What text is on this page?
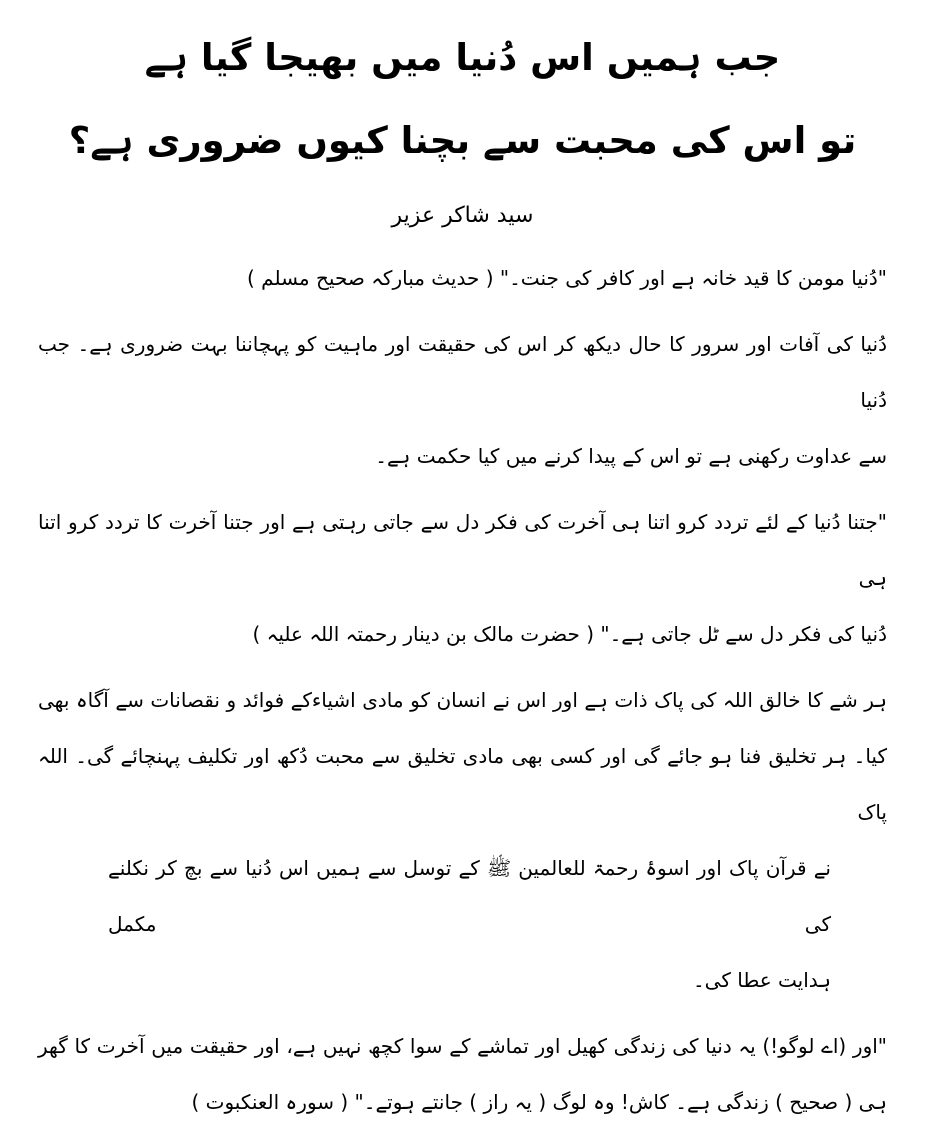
جب ہمیں اس دُنیا میں بھیجا گیا ہے
تو اس کی محبت سے بچنا کیوں ضروری ہے؟
سید شاکر عزیر
"دُنیا مومن کا قید خانہ ہے اور کافر کی جنت۔" ( حدیث مبارکہ صحیح مسلم )
دُنیا کی آفات اور سرور کا حال دیکھ کر اس کی حقیقت اور ماہیت کو پہچاننا بہت ضروری ہے۔ جب دُنیا
سے عداوت رکھنی ہے تو اس کے پیدا کرنے میں کیا حکمت ہے۔
"جتنا دُنیا کے لئے تردد کرو اتنا ہی آخرت کی فکر دل سے جاتی رہتی ہے اور جتنا آخرت کا تردد کرو اتنا ہی
دُنیا کی فکر دل سے ٹل جاتی ہے۔" ( حضرت مالک بن دینار رحمتہ اللہ علیہ )
ہر شے کا خالق اللہ کی پاک ذات ہے اور اس نے انسان کو مادی اشیاءکے فوائد و نقصانات سے آگاہ بھی
کیا۔ ہر تخلیق فنا ہو جائے گی اور کسی بھی مادی تخلیق سے محبت دُکھ اور تکلیف پہنچائے گی۔ اللہ پاک
نے قرآن پاک اور اسوۂ رحمۃ للعالمین ﷺ کے توسل سے ہمیں اس دُنیا سے بچ کر نکلنے کی مکمل
ہدایت عطا کی۔
"اور (اے لوگو!) یہ دنیا کی زندگی کھیل اور تماشے کے سوا کچھ نہیں ہے، اور حقیقت میں آخرت کا گھر
ہی ( صحیح ) زندگی ہے۔ کاش! وہ لوگ ( یہ راز ) جانتے ہوتے۔" ( سورہ العنکبوت )
